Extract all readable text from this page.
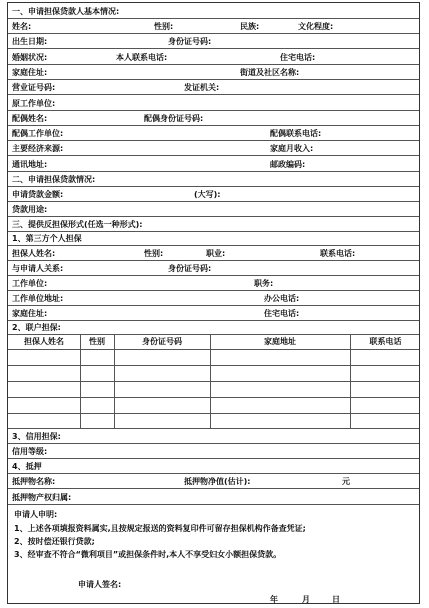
一、申请担保贷款人基本情况:
姓名:	性别:	民族:	文化程度:
出生日期:	身份证号码:
婚姻状况:	本人联系电话:	住宅电话:
家庭住址:	街道及社区名称:
营业证号码:	发证机关:
原工作单位:
配偶姓名:	配偶身份证号码:
配偶工作单位:	配偶联系电话:
主要经济来源:	家庭月收入:
通讯地址:	邮政编码:
二、申请担保贷款情况:
申请贷款金额:	(大写):
贷款用途:
三、提供反担保形式(任选一种形式):
1、第三方个人担保
担保人姓名:	性别:	职业:	联系电话:
与申请人关系:	身份证号码:
工作单位:	职务:
工作单位地址:	办公电话:
家庭住址:	住宅电话:
2、联户担保:
担保人姓名	性别	身份证号码	家庭地址	联系电话
3、信用担保:
信用等级:
4、抵押
抵押物名称:	抵押物净值(估计):	元
抵押物产权归属:
申请人申明:
1、上述各项填报资料属实,且按规定报送的资料复印件可留存担保机构作备查凭证;
2、按时偿还银行贷款;
3、经审查不符合“微利项目”或担保条件时,本人不享受妇女小额担保贷款。
申请人签名:
年	月	日
